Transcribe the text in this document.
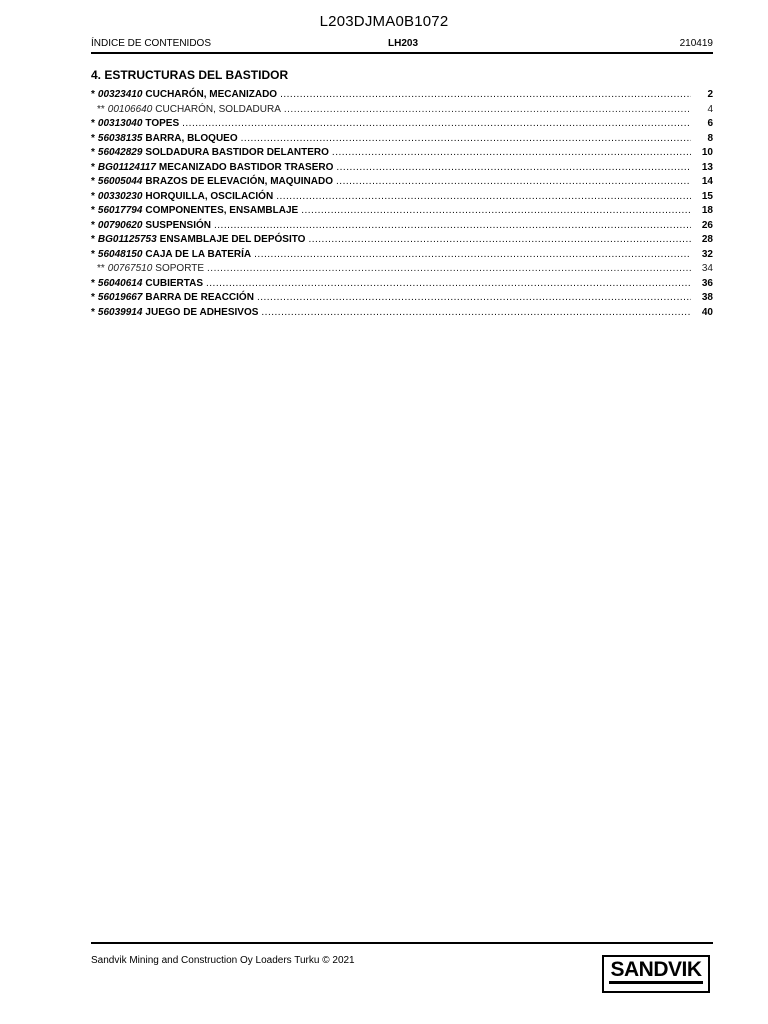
L203DJMA0B1072
ÍNDICE DE CONTENIDOS	LH203	210419
4. ESTRUCTURAS DEL BASTIDOR
* 00323410 CUCHARÓN, MECANIZADO .....	2
** 00106640 CUCHARÓN, SOLDADURA .....	4
* 00313040 TOPES .....	6
* 56038135 BARRA, BLOQUEO .....	8
* 56042829 SOLDADURA BASTIDOR DELANTERO .....	10
* BG01124117 MECANIZADO BASTIDOR TRASERO .....	13
* 56005044 BRAZOS DE ELEVACIÓN, MAQUINADO .....	14
* 00330230 HORQUILLA, OSCILACIÓN .....	15
* 56017794 COMPONENTES, ENSAMBLAJE .....	18
* 00790620 SUSPENSIÓN .....	26
* BG01125753 ENSAMBLAJE DEL DEPÓSITO .....	28
* 56048150 CAJA DE LA BATERÍA .....	32
** 00767510 SOPORTE .....	34
* 56040614 CUBIERTAS .....	36
* 56019667 BARRA DE REACCIÓN .....	38
* 56039914 JUEGO DE ADHESIVOS .....	40
Sandvik Mining and Construction Oy Loaders Turku © 2021	SANDVIK
